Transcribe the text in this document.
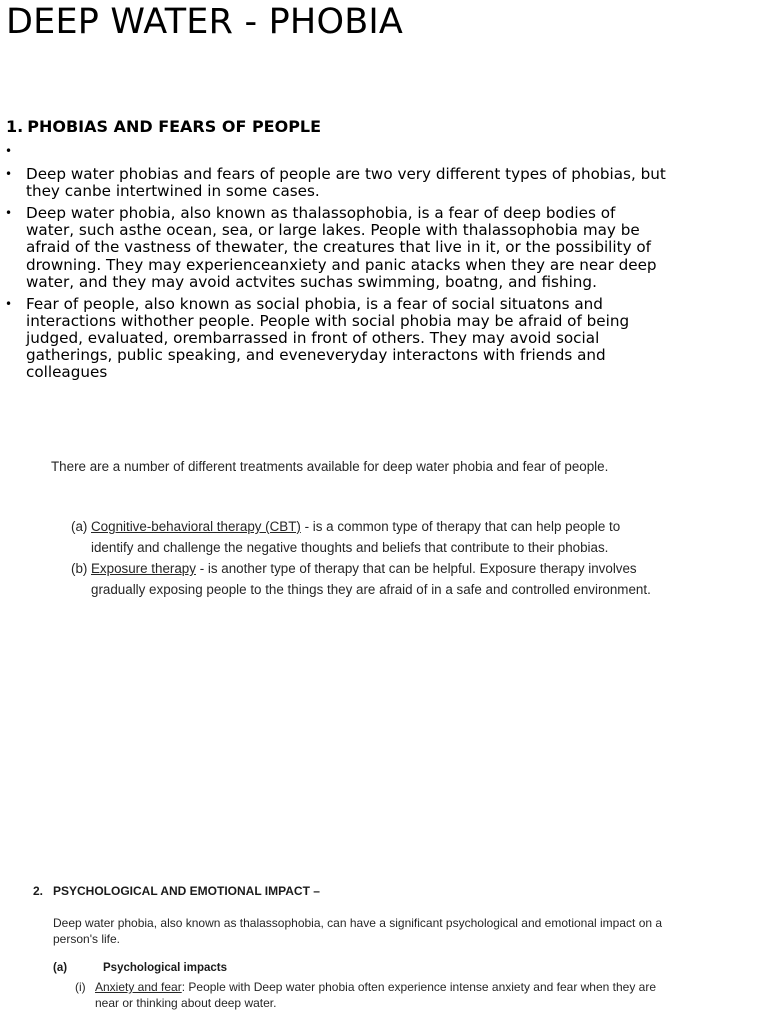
DEEP WATER - PHOBIA
1. PHOBIAS AND FEARS OF PEOPLE
•
• Deep water phobias and fears of people are two very different types of phobias, but they canbe intertwined in some cases.
• Deep water phobia, also known as thalassophobia, is a fear of deep bodies of water, such asthe ocean, sea, or large lakes. People with thalassophobia may be afraid of the vastness of thewater, the creatures that live in it, or the possibility of drowning. They may experienceanxiety and panic atacks when they are near deep water, and they may avoid actvites suchas swimming, boatng, and fishing.
• Fear of people, also known as social phobia, is a fear of social situatons and interactions withother people. People with social phobia may be afraid of being judged, evaluated, orembarrassed in front of others. They may avoid social gatherings, public speaking, and eveneveryday interactons with friends and colleagues
There are a number of different treatments available for deep water phobia and fear of people.
(a) Cognitive-behavioral therapy (CBT) - is a common type of therapy that can help people to identify and challenge the negative thoughts and beliefs that contribute to their phobias.
(b) Exposure therapy - is another type of therapy that can be helpful. Exposure therapy involves gradually exposing people to the things they are afraid of in a safe and controlled environment.
2. PSYCHOLOGICAL AND EMOTIONAL IMPACT –
Deep water phobia, also known as thalassophobia, can have a significant psychological and emotional impact on a person's life.
(a)	Psychological impacts
(i) Anxiety and fear: People with Deep water phobia often experience intense anxiety and fear when they are near or thinking about deep water.
